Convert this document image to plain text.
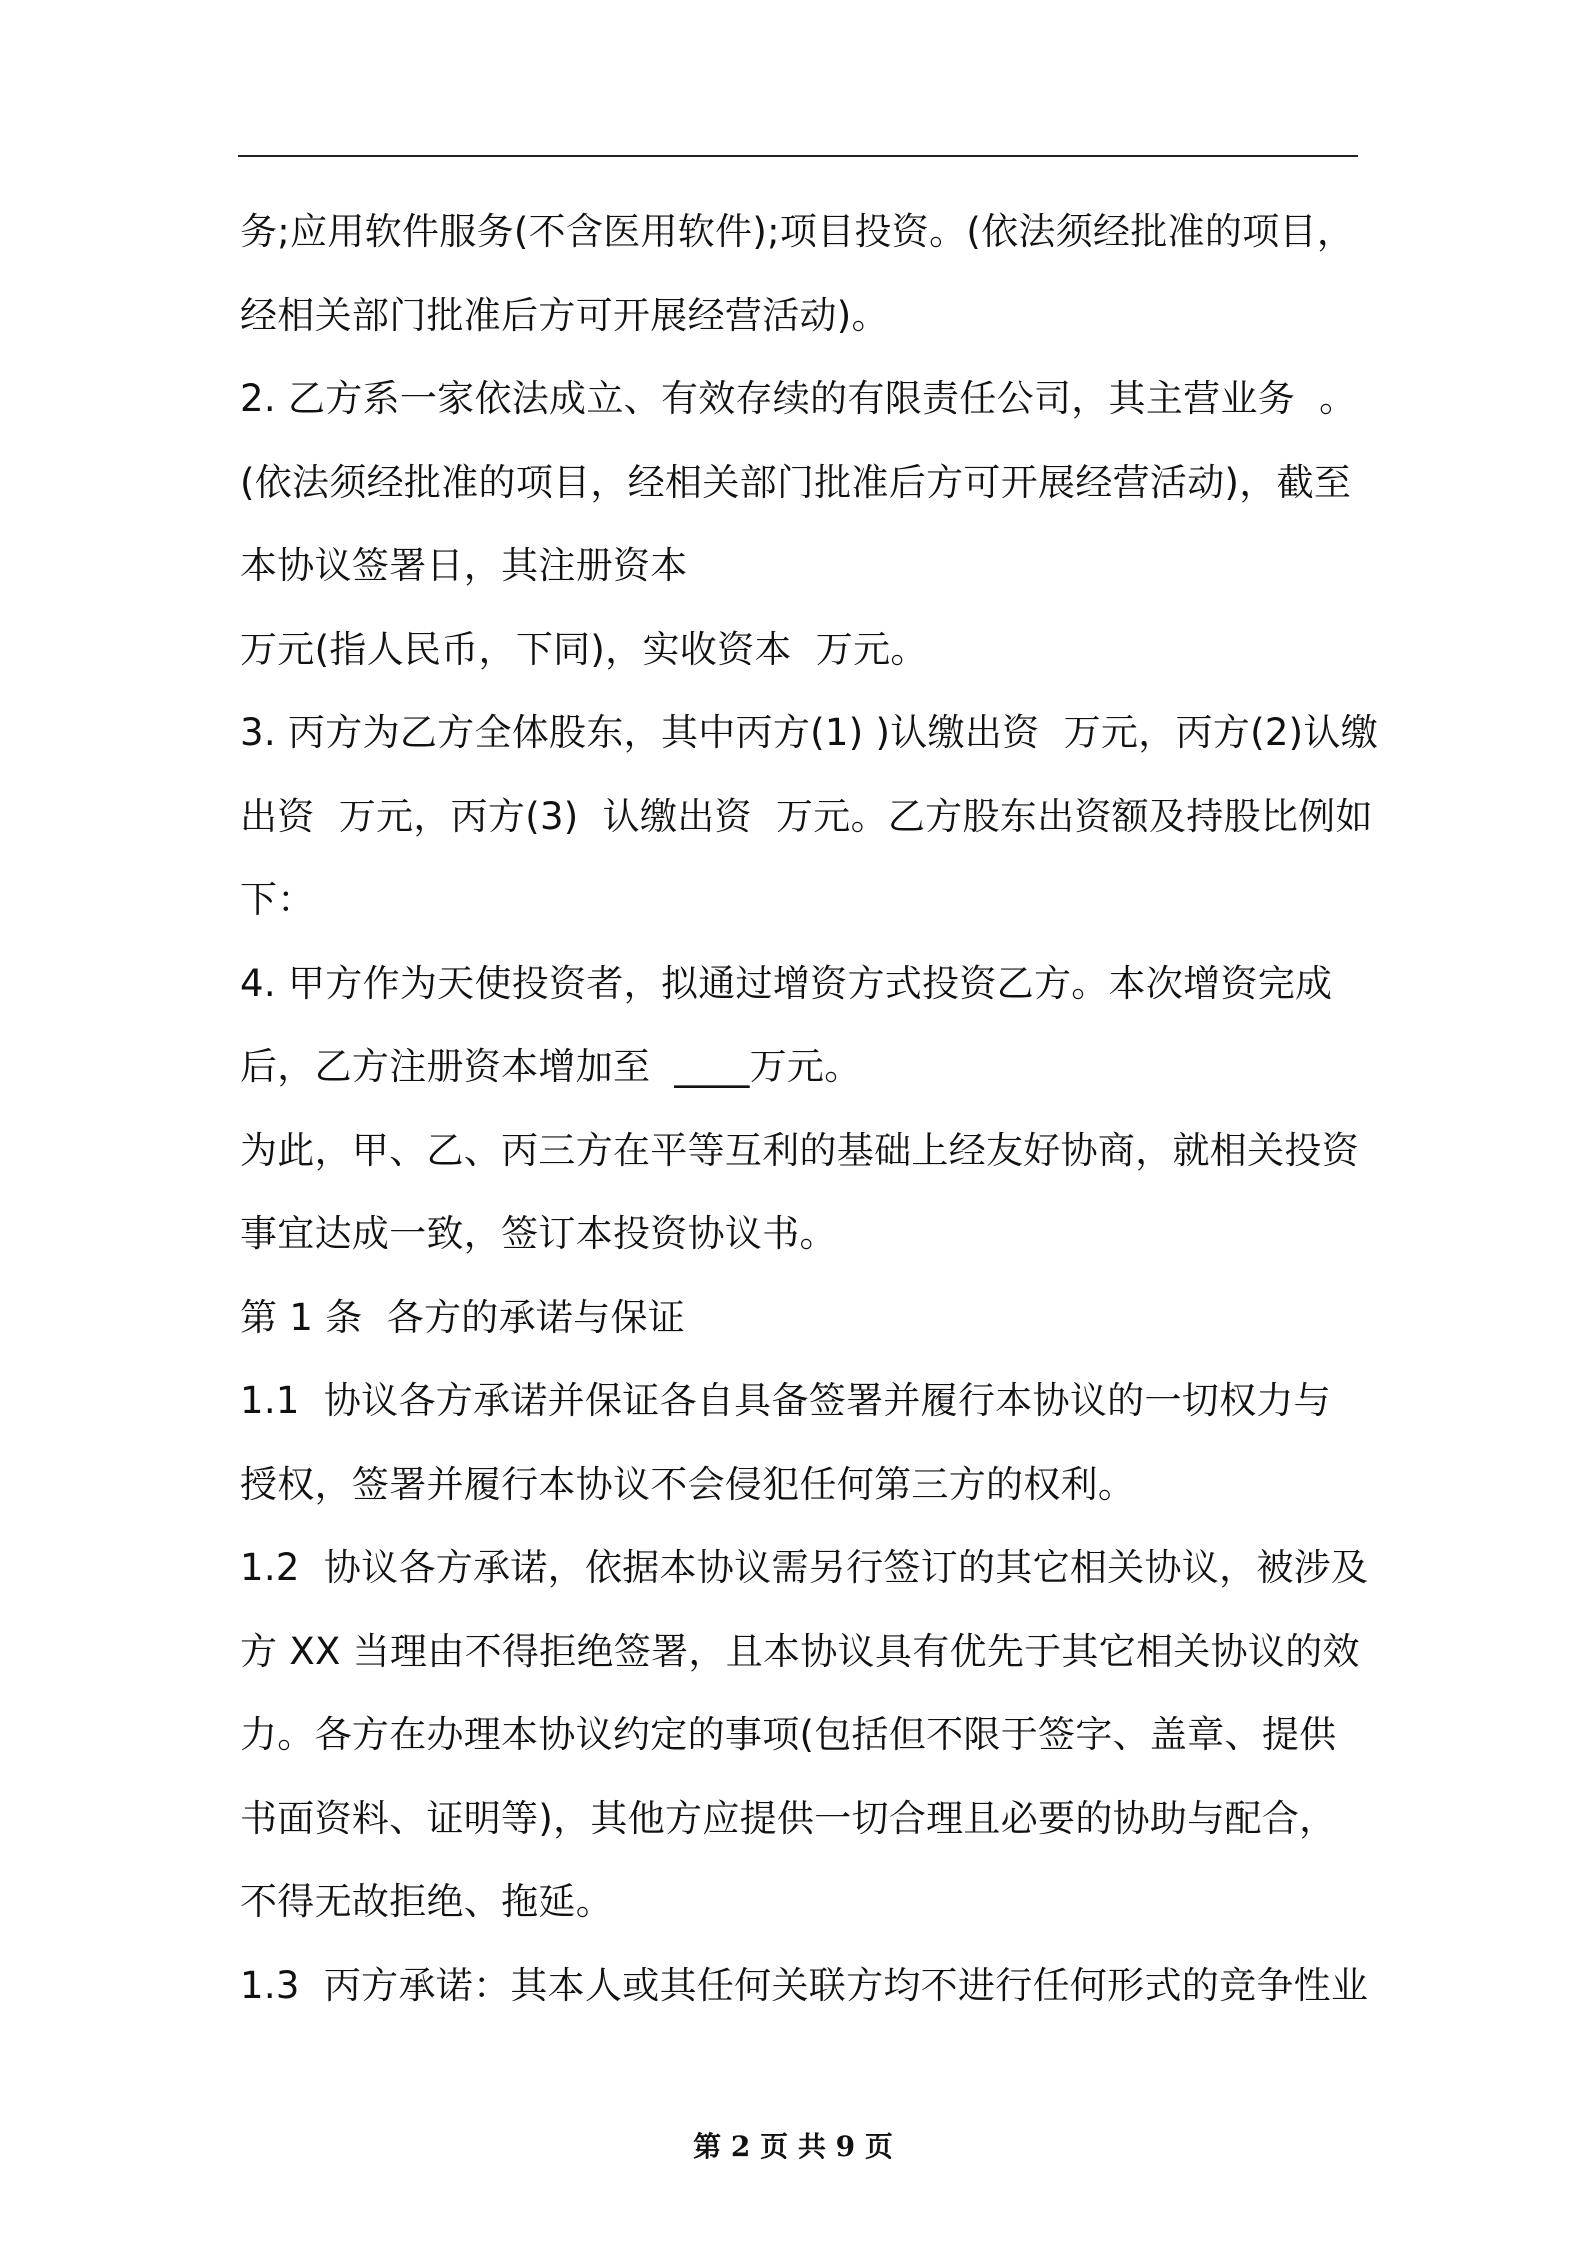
务;应用软件服务(不含医用软件);项目投资。(依法须经批准的项目，
经相关部门批准后方可开展经营活动)。
2. 乙方系一家依法成立、有效存续的有限责任公司，其主营业务  。
(依法须经批准的项目，经相关部门批准后方可开展经营活动)，截至
本协议签署日，其注册资本
万元(指人民币，下同)，实收资本  万元。
3. 丙方为乙方全体股东，其中丙方(1) )认缴出资  万元，丙方(2)认缴
出资  万元，丙方(3)  认缴出资  万元。乙方股东出资额及持股比例如
下：
4. 甲方作为天使投资者，拟通过增资方式投资乙方。本次增资完成
后，乙方注册资本增加至  ____万元。
为此，甲、乙、丙三方在平等互利的基础上经友好协商，就相关投资
事宜达成一致，签订本投资协议书。
第 1 条  各方的承诺与保证
1.1  协议各方承诺并保证各自具备签署并履行本协议的一切权力与
授权，签署并履行本协议不会侵犯任何第三方的权利。
1.2  协议各方承诺，依据本协议需另行签订的其它相关协议，被涉及
方 XX 当理由不得拒绝签署，且本协议具有优先于其它相关协议的效
力。各方在办理本协议约定的事项(包括但不限于签字、盖章、提供
书面资料、证明等)，其他方应提供一切合理且必要的协助与配合，
不得无故拒绝、拖延。
1.3  丙方承诺：其本人或其任何关联方均不进行任何形式的竞争性业
第 2 页 共 9 页
